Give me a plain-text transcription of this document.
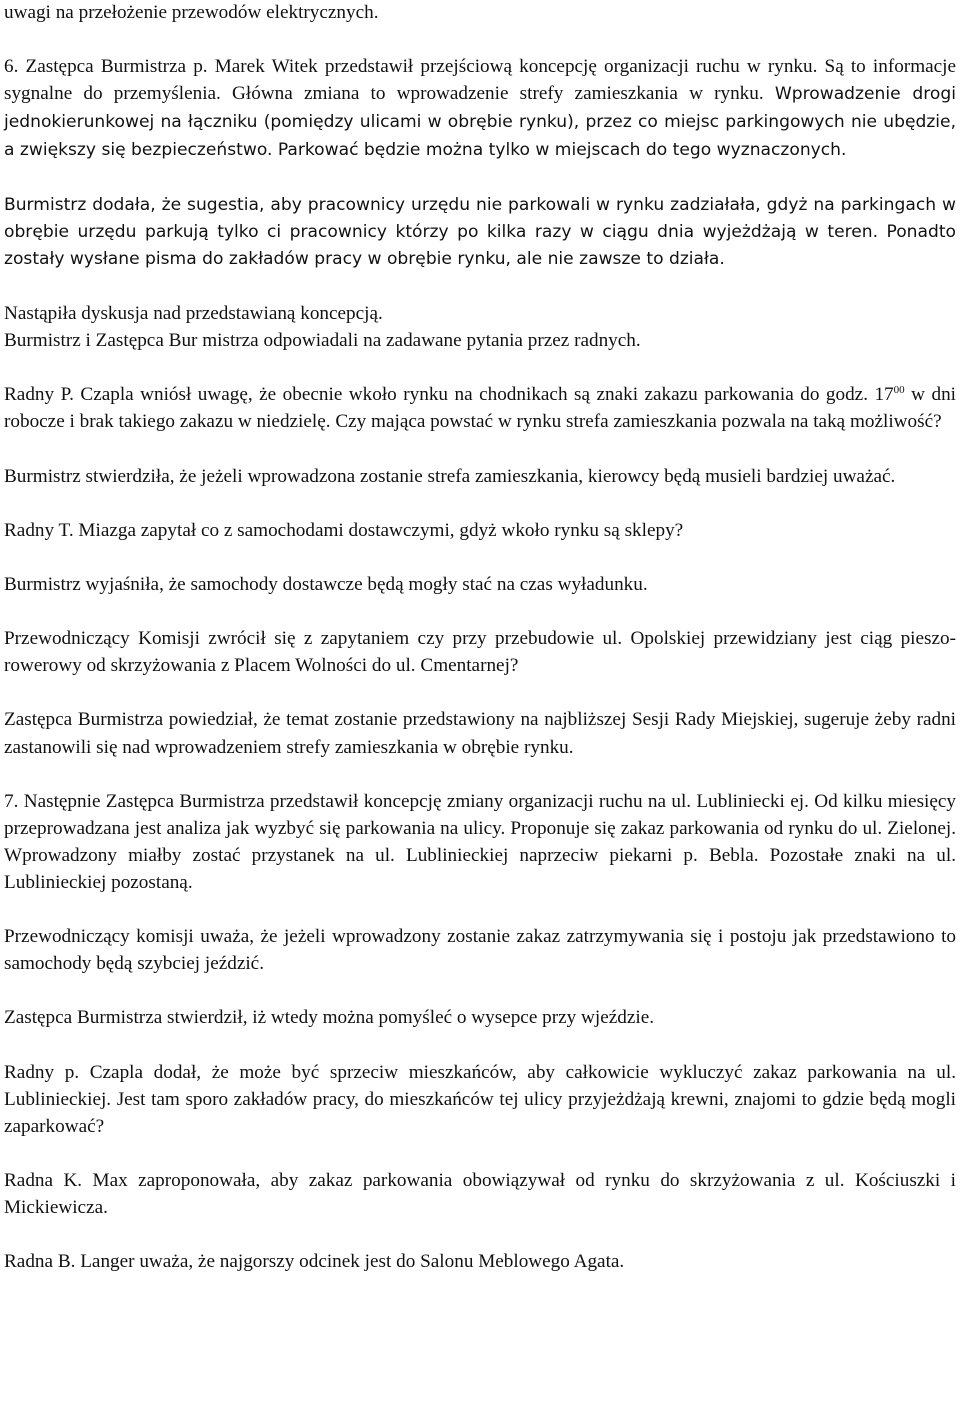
uwagi na przełożenie przewodów elektrycznych.

6. Zastępca Burmistrza p. Marek Witek przedstawił przejściową koncepcję organizacji ruchu w rynku. Są to informacje sygnalne do przemyślenia. Główna zmiana to wprowadzenie strefy zamieszkania w rynku. Wprowadzenie drogi jednokierunkowej na łączniku (pomiędzy ulicami w obrębie rynku), przez co miejsc parkingowych nie ubędzie, a zwiększy się bezpieczeństwo. Parkować będzie można tylko w miejscach do tego wyznaczonych.

Burmistrz dodała, że sugestia, aby pracownicy urzędu nie parkowali w rynku zadziałała, gdyż na parkingach w obrębie urzędu parkują tylko ci pracownicy którzy po kilka razy w ciągu dnia wyjeżdżają w teren. Ponadto zostały wysłane pisma do zakładów pracy w obrębie rynku, ale nie zawsze to działa.

Nastąpiła dyskusja nad przedstawianą koncepcją.

Burmistrz i Zastępca Bur mistrza odpowiadali na zadawane pytania przez radnych.

Radny P. Czapla wniósł uwagę, że obecnie wkoło rynku na chodnikach są znaki zakazu parkowania do godz. $17^{00}$ w dni robocze i brak takiego zakazu w niedzielę. Czy mająca powstać w rynku strefa zamieszkania pozwala na taką możliwość?

Burmistrz stwierdziła, że jeżeli wprowadzona zostanie strefa zamieszkania, kierowcy będą musieli bardziej uważać.

Radny T. Miazga zapytał co z samochodami dostawczymi, gdyż wkoło rynku są sklepy?

Burmistrz wyjaśniła, że samochody dostawcze będą mogły stać na czas wyładunku.

Przewodniczący Komisji zwrócił się z zapytaniem czy przy przebudowie ul. Opolskiej przewidziany jest ciąg pieszo-rowerowy od skrzyżowania z Placem Wolności do ul. Cmentarnej?

Zastępca Burmistrza powiedział, że temat zostanie przedstawiony na najbliższej Sesji Rady Miejskiej, sugeruje żeby radni zastanowili się nad wprowadzeniem strefy zamieszkania w obrębie rynku.

7. Następnie Zastępca Burmistrza przedstawił koncepcję zmiany organizacji ruchu na ul. Lubliniecki ej. Od kilku miesięcy przeprowadzana jest analiza jak wyzbyć się parkowania na ulicy. Proponuje się zakaz parkowania od rynku do ul. Zielonej. Wprowadzony miałby zostać przystanek na ul. Lublinieckiej naprzeciw piekarni p. Bebla. Pozostałe znaki na ul. Lublinieckiej pozostaną.

Przewodniczący komisji uważa, że jeżeli wprowadzony zostanie zakaz zatrzymywania się i postoju jak przedstawiono to samochody będą szybciej jeździć.

Zastępca Burmistrza stwierdził, iż wtedy można pomyśleć o wysepce przy wjeździe.

Radny p. Czapla dodał, że może być sprzeciw mieszkańców, aby całkowicie wykluczyć zakaz parkowania na ul. Lublinieckiej. Jest tam sporo zakładów pracy, do mieszkańców tej ulicy przyjeżdżają krewni, znajomi to gdzie będą mogli zaparkować?

Radna K. Max zaproponowała, aby zakaz parkowania obowiązywał od rynku do skrzyżowania z ul. Kościuszki i Mickiewicza.

Radna B. Langer uważa, że najgorszy odcinek jest do Salonu Meblowego Agata.
